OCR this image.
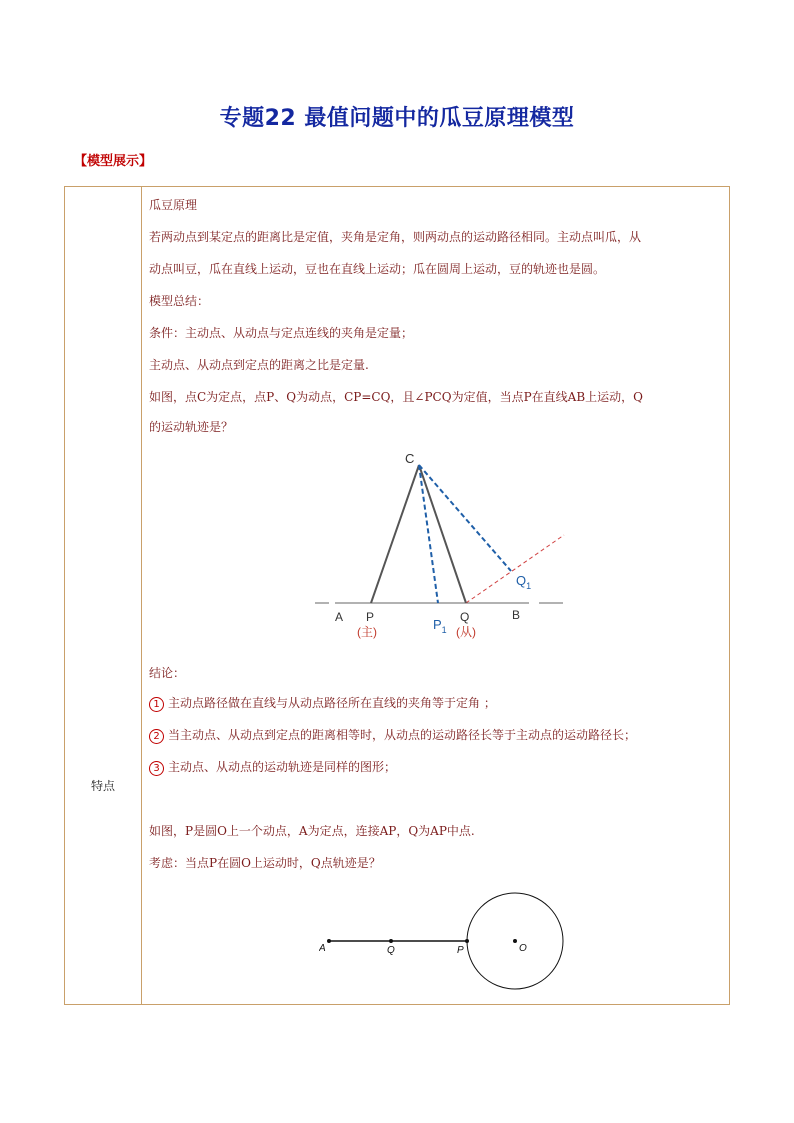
专题22 最值问题中的瓜豆原理模型
【模型展示】
特点
瓜豆原理
若两动点到某定点的距离比是定值，夹角是定角，则两动点的运动路径相同。主动点叫瓜，从
动点叫豆，瓜在直线上运动，豆也在直线上运动；瓜在圆周上运动，豆的轨迹也是圆。
模型总结：
条件：主动点、从动点与定点连线的夹角是定量；
主动点、从动点到定点的距离之比是定量.
如图，点C为定点，点P、Q为动点，CP=CQ，且∠PCQ为定值，当点P在直线AB上运动，Q
的运动轨迹是？
C
A P	$P_1$
Q
$Q_1$
B
(主)	(从)
结论：
1 主动点路径做在直线与从动点路径所在直线的夹角等于定角 ；
2 当主动点、从动点到定点的距离相等时，从动点的运动路径长等于主动点的运动路径长；
3 主动点、从动点的运动轨迹是同样的图形；
如图，P是圆O上一个动点，A为定点，连接AP，Q为AP中点.
考虑：当点P在圆O上运动时，Q点轨迹是？
A	Q	P	O
